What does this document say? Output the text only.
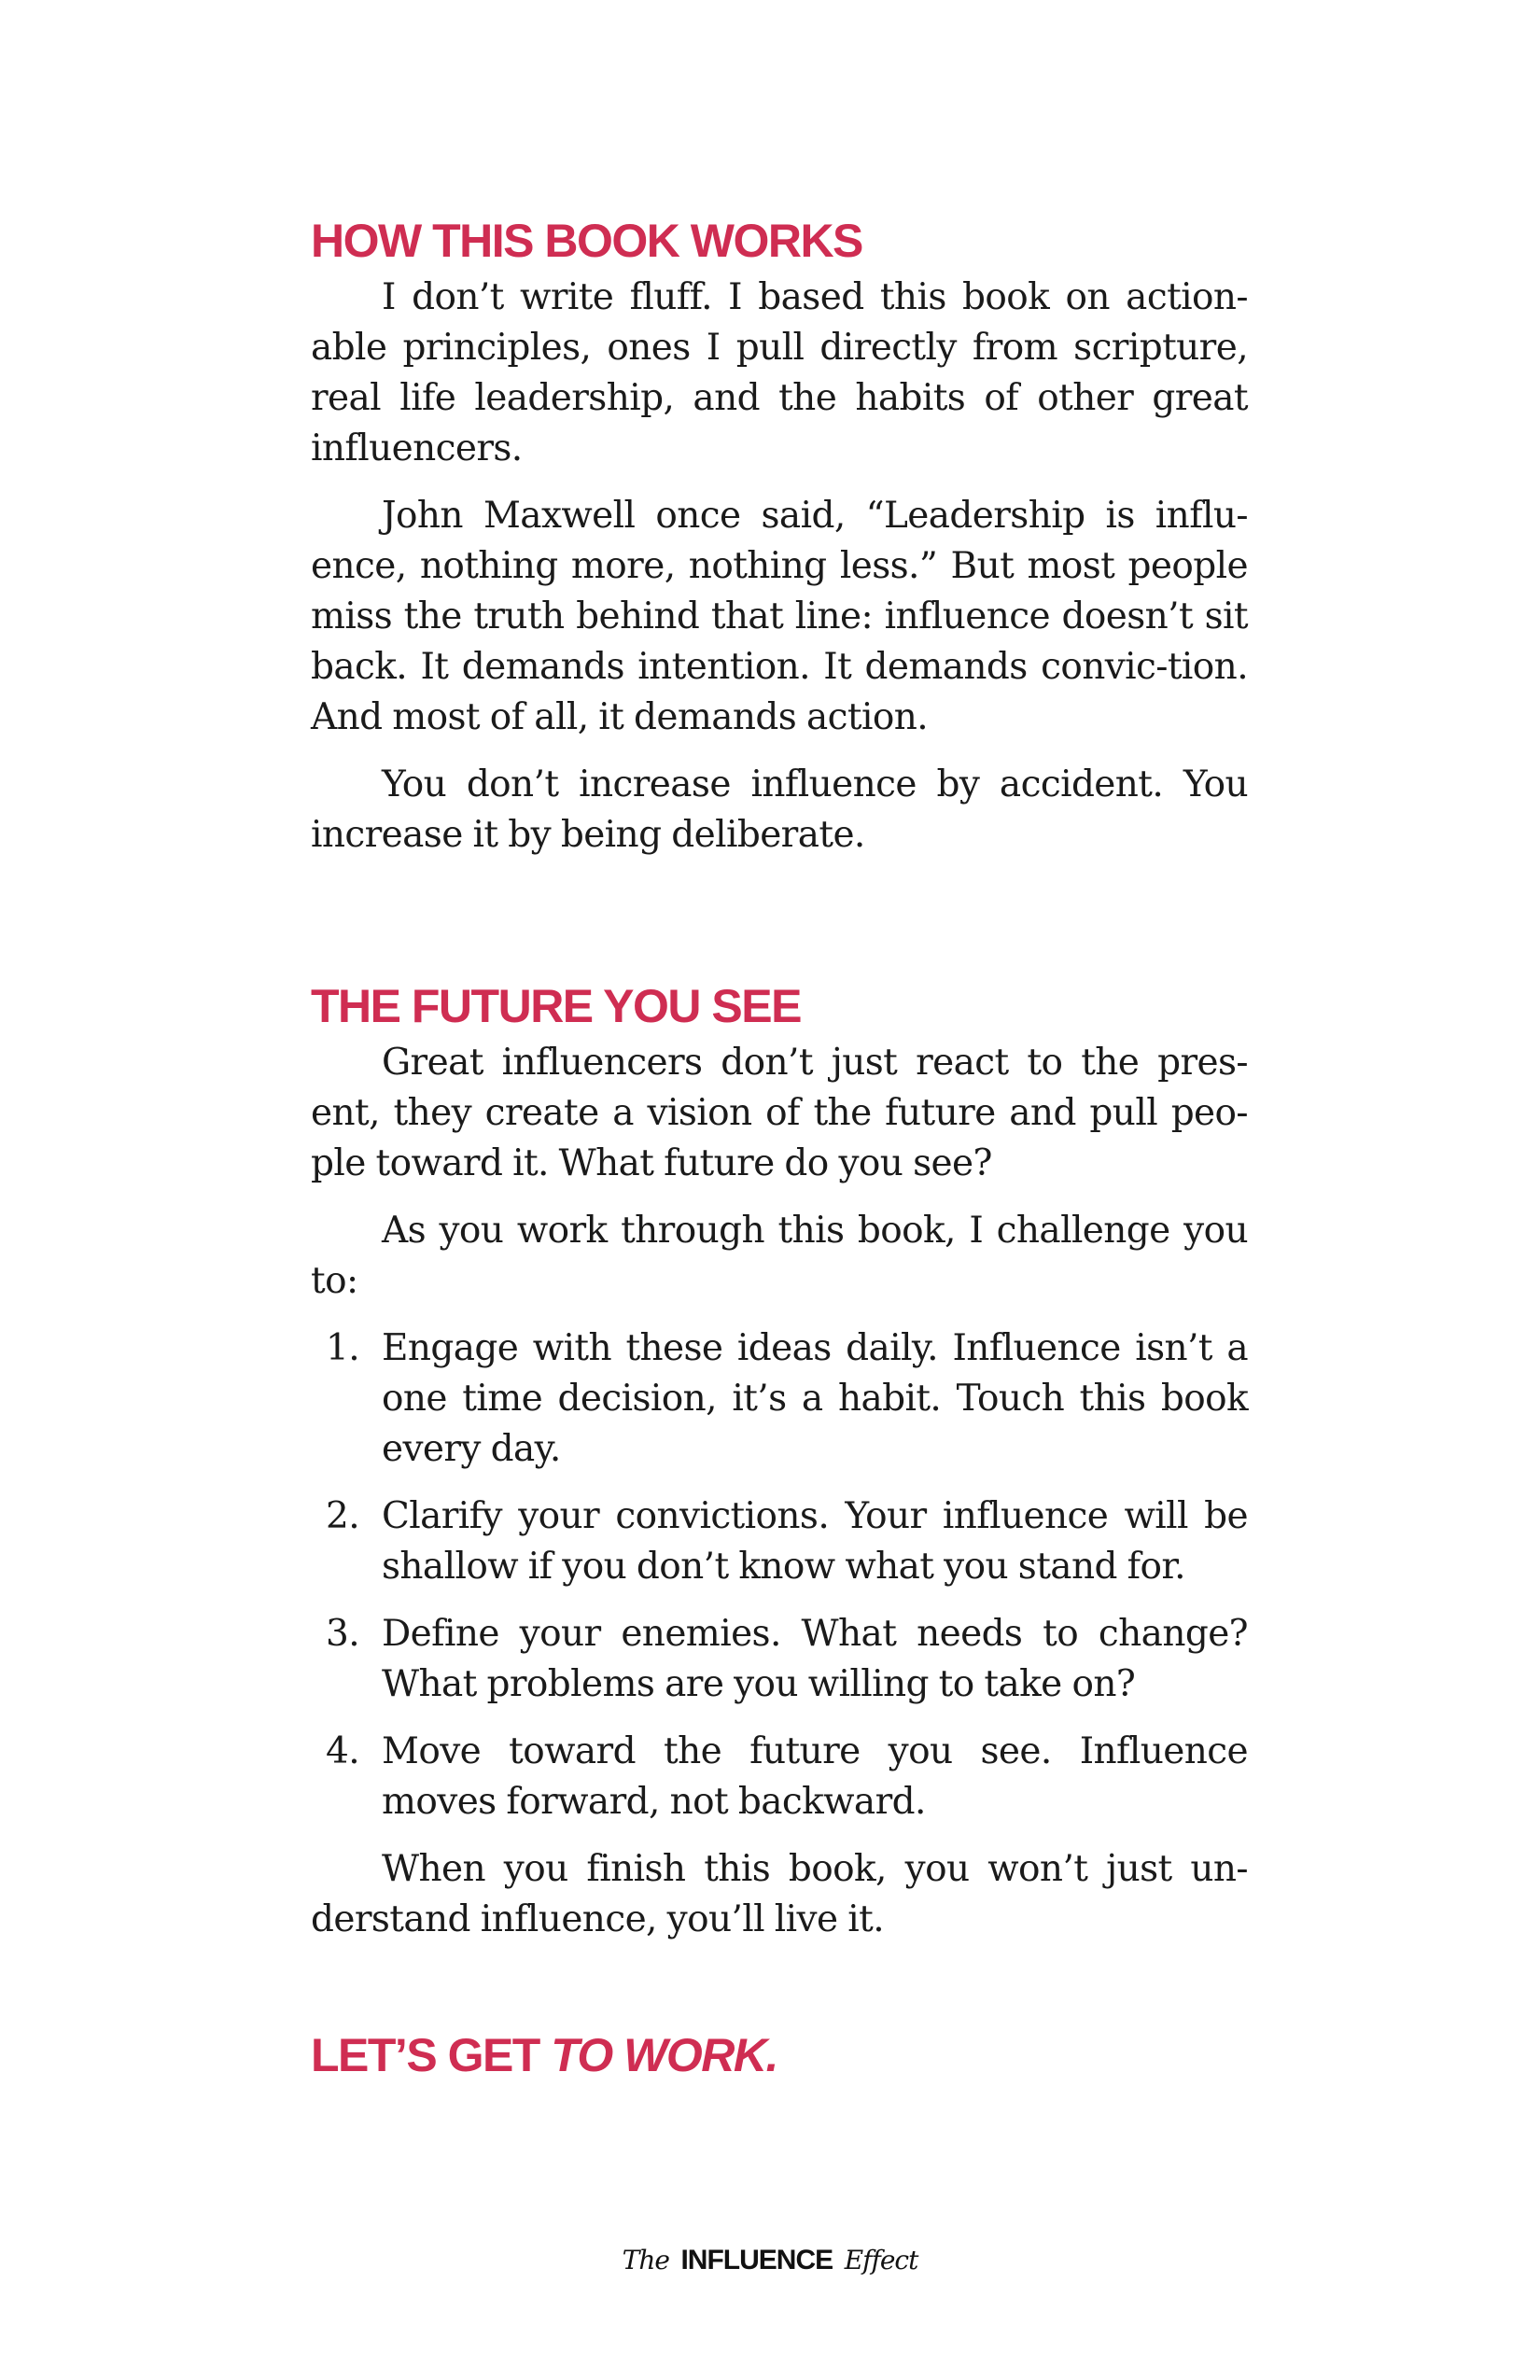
HOW THIS BOOK WORKS

I don’t write fluff. I based this book on action-able principles, ones I pull directly from scripture, real life leadership, and the habits of other great influencers.

John Maxwell once said, “Leadership is influ-ence, nothing more, nothing less.” But most people miss the truth behind that line: influence doesn’t sit back. It demands intention. It demands convic-tion. And most of all, it demands action.

You don’t increase influence by accident. You increase it by being deliberate.

THE FUTURE YOU SEE

Great influencers don’t just react to the pres-ent, they create a vision of the future and pull peo-ple toward it. What future do you see?

As you work through this book, I challenge you to:

1. Engage with these ideas daily. Influence isn’t a one time decision, it’s a habit. Touch this book every day.
2. Clarify your convictions. Your influence will be shallow if you don’t know what you stand for.
3. Define your enemies. What needs to change? What problems are you willing to take on?
4. Move toward the future you see. Influence moves forward, not backward.

When you finish this book, you won’t just un-derstand influence, you’ll live it.

LET’S GET TO WORK.
The INFLUENCE Effect
